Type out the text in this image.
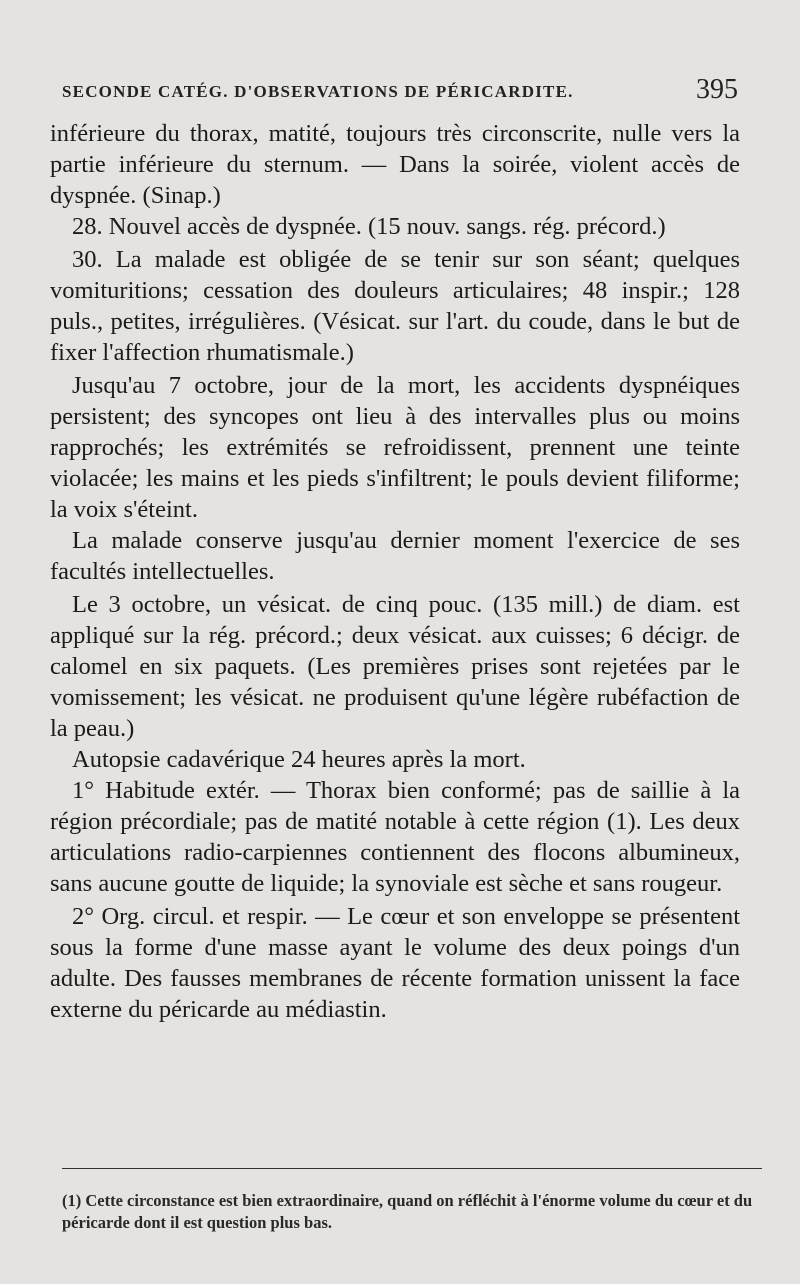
SECONDE CATÉG. D'OBSERVATIONS DE PÉRICARDITE.	395

inférieure du thorax, matité, toujours très circonscrite, nulle vers la partie inférieure du sternum. — Dans la soirée, violent accès de dyspnée. (Sinap.)

28. Nouvel accès de dyspnée. (15 nouv. sangs. rég. précord.)

30. La malade est obligée de se tenir sur son séant; quelques vomituritions; cessation des douleurs articulaires; 48 inspir.; 128 puls., petites, irrégulières. (Vésicat. sur l'art. du coude, dans le but de fixer l'affection rhumatismale.)

Jusqu'au 7 octobre, jour de la mort, les accidents dyspnéiques persistent; des syncopes ont lieu à des intervalles plus ou moins rapprochés; les extrémités se refroidissent, prennent une teinte violacée; les mains et les pieds s'infiltrent; le pouls devient filiforme; la voix s'éteint.

La malade conserve jusqu'au dernier moment l'exercice de ses facultés intellectuelles.

Le 3 octobre, un vésicat. de cinq pouc. (135 mill.) de diam. est appliqué sur la rég. précord.; deux vésicat. aux cuisses; 6 décigr. de calomel en six paquets. (Les premières prises sont rejetées par le vomissement; les vésicat. ne produisent qu'une légère rubéfaction de la peau.)

Autopsie cadavérique 24 heures après la mort.

1° Habitude extér. — Thorax bien conformé; pas de saillie à la région précordiale; pas de matité notable à cette région (1). Les deux articulations radio-carpiennes contiennent des flocons albumineux, sans aucune goutte de liquide; la synoviale est sèche et sans rougeur.

2° Org. circul. et respir. — Le cœur et son enveloppe se présentent sous la forme d'une masse ayant le volume des deux poings d'un adulte. Des fausses membranes de récente formation unissent la face externe du péricarde au médiastin.

(1) Cette circonstance est bien extraordinaire, quand on réfléchit à l'énorme volume du cœur et du péricarde dont il est question plus bas.
